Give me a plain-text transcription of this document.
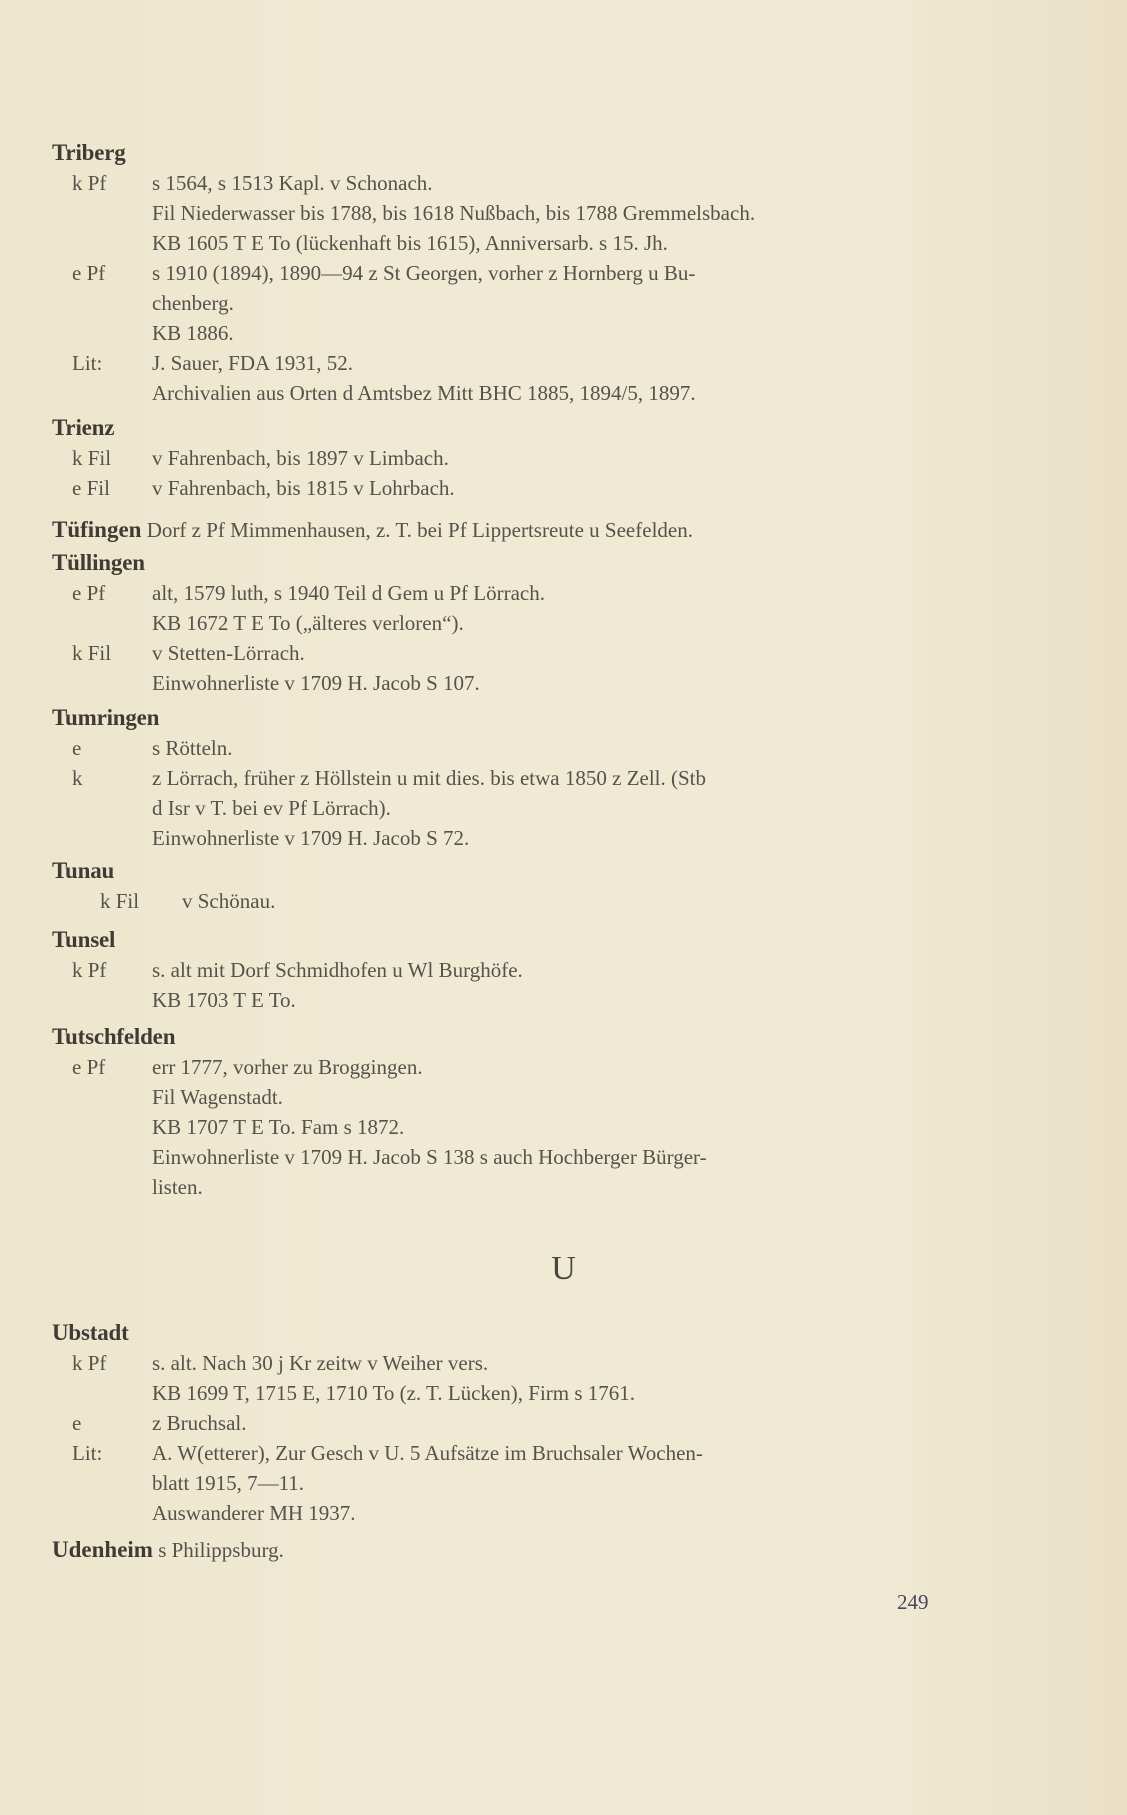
Triberg
k Pf	s 1564, s 1513 Kapl. v Schonach.
Fil Niederwasser bis 1788, bis 1618 Nußbach, bis 1788 Gremmelsbach.
KB 1605 T E To (lückenhaft bis 1615), Anniversarb. s 15. Jh.
e Pf	s 1910 (1894), 1890—94 z St Georgen, vorher z Hornberg u Bu-
chenberg.
KB 1886.
Lit:	J. Sauer, FDA 1931, 52.
Archivalien aus Orten d Amtsbez Mitt BHC 1885, 1894/5, 1897.
Trienz
k Fil	v Fahrenbach, bis 1897 v Limbach.
e Fil	v Fahrenbach, bis 1815 v Lohrbach.
Tüfingen Dorf z Pf Mimmenhausen, z. T. bei Pf Lippertsreute u Seefelden.
Tüllingen
e Pf	alt, 1579 luth, s 1940 Teil d Gem u Pf Lörrach.
KB 1672 T E To („älteres verloren“).
k Fil	v Stetten-Lörrach.
Einwohnerliste v 1709 H. Jacob S 107.
Tumringen
e	s Rötteln.
k	z Lörrach, früher z Höllstein u mit dies. bis etwa 1850 z Zell. (Stb
d Isr v T. bei ev Pf Lörrach).
Einwohnerliste v 1709 H. Jacob S 72.
Tunau
k Fil	v Schönau.
Tunsel
k Pf	s. alt mit Dorf Schmidhofen u Wl Burghöfe.
KB 1703 T E To.
Tutschfelden
e Pf	err 1777, vorher zu Broggingen.
Fil Wagenstadt.
KB 1707 T E To. Fam s 1872.
Einwohnerliste v 1709 H. Jacob S 138 s auch Hochberger Bürger-
listen.
U
Ubstadt
k Pf	s. alt. Nach 30 j Kr zeitw v Weiher vers.
KB 1699 T, 1715 E, 1710 To (z. T. Lücken), Firm s 1761.
e	z Bruchsal.
Lit:	A. W(etterer), Zur Gesch v U. 5 Aufsätze im Bruchsaler Wochen-
blatt 1915, 7—11.
Auswanderer MH 1937.
Udenheim s Philippsburg.
249
